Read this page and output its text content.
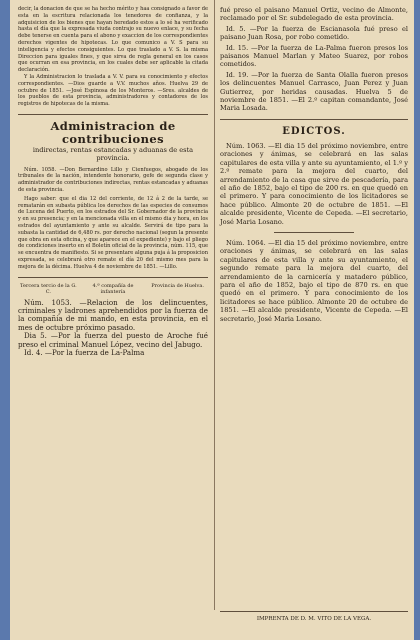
decir, la donacion de que se ha hecho mérito y haa consignado a favor de esta en la escritura relacionada los tenedores de confianza, y la adquisicion de los bienes que hayan heredado estos a lo sé ha verificado hasta el día que la expresada viuda contrajo su nuevo enlace, y su fecha debe tenerse en cuenta para el abono y exaccion de los correspondientes derechos vigentes de hipotecas. Lo que comunico a V. S para su inteligencia y efectos consiguientes. Lo que traslado a V. S. la misma Direccion para iguales fines, y que sirva de regla general en los casos que ocurran en esa provincia, en los cuales debe ser aplicable la citada declaración.

Y la Administracion lo traslada a V. V. para su conocimiento y efectos correspondientes. —Dios guarde a V.V. muchos años. Huelva 29 de octubre de 1851. —José Espinosa de los Monteros. —Sres. alcaldes de los pueblos de esta provincia, administradores y contadores de los registros de hipotecas de la misma.

Administracion de contribuciones
indirectas, rentas estancadas y aduanas de esta provincia.

Núm. 1058. —Don Bernardino Lillo y Cienfuegos, abogado de los tribunales de la nación, intendente honorario, gefe de segunda clase y administrador de contribuciones indirectas, rentas estancadas y aduanas de esta provincia.

Hago saber: que el dia 12 del corriente, de 12 á 2 de la tarde, se rematarán en subasta pública los derechos de las especies de consumos de Lucena del Puerto, en los estrados del Sr. Gobernador de la provincia y en su presencia; y en la mencionada villa en el mismo dia y hora, en los estrados del ayuntamiento y ante su alcalde. Servirá de tipo para la subasta la cantidad de 6,480 rs. por derecho nacional (segun la presente que obra en esta oficina, y que aparece en el expediente) y bajo el pliego de condiciones inserto en el Boletín oficial de la provincia, núm. 115, que se encuentra de manifiesto. Si se presentare alguna puja á la proposicion expresada, se celebrará otro remate el día 20 del mismo mes para la mejora de la décima. Huelva 4 de noviembre de 1851. —Lillo.

Tercera tercio de la G. C.
4.ª compañía de infantería
Provincia de Huelva.

Núm. 1053. —Relacion de los delincuentes, criminales y ladrones aprehendidos por la fuerza de la compañía de mi mando, en esta provincia, en el mes de octubre próximo pasado.

Dia 5. —Por la fuerza del puesto de Aroche fué preso el criminal Manuel López, vecino del Jabugo.

Id. 4. —Por la fuerza de La-Palma

fué preso el paisano Manuel Ortiz, vecino de Almonte, reclamado por el Sr. subdelegado de esta provincia.

Id. 5. —Por la fuerza de Escianasola fué preso el paisano Juan Rosa, por robo cometido.

Id. 15. —Por la fuerza de La-Palma fueron presos los paisanos Manuel Marlan y Mateo Suarez, por robos cometidos.

Id. 19. —Por la fuerza de Santa Olalla fueron presos los delincuentes Manuel Carrasco, Juan Perez y Juan Gutierrez, por heridas causadas. Huelva 5 de noviembre de 1851. —El 2.º capitan comandante, José Maria Losada.

EDICTOS.

Núm. 1063. —El dia 15 del próximo noviembre, entre oraciones y ánimas, se celebrará en las salas capitulares de esta villa y ante su ayuntamiento, el 1.º y 2.º remate para la mejora del cuarto, del arrendamiento de la casa que sirve de pescadería, para el año de 1852, bajo el tipo de 200 rs. en que quedó en el primero. Y para conocimiento de los licitadores se hace público. Almonte 20 de octubre de 1851. —El alcalde presidente, Vicente de Cepeda. —El secretario, José Maria Losano.

Núm. 1064. —El dia 15 del próximo noviembre, entre oraciones y ánimas, se celebrará en las salas capitulares de esta villa y ante su ayuntamiento, el segundo remate para la mejora del cuarto, del arrendamiento de la carnicería y matadero público, para el año de 1852, bajo el tipo de 870 rs. en que quedó en el primero. Y para conocimiento de los licitadores se hace público. Almonte 20 de octubre de 1851. —El alcalde presidente, Vicente de Cepeda. —El secretario, José Maria Losano.

IMPRENTA DE D. M. VITO DE LA VEGA.
